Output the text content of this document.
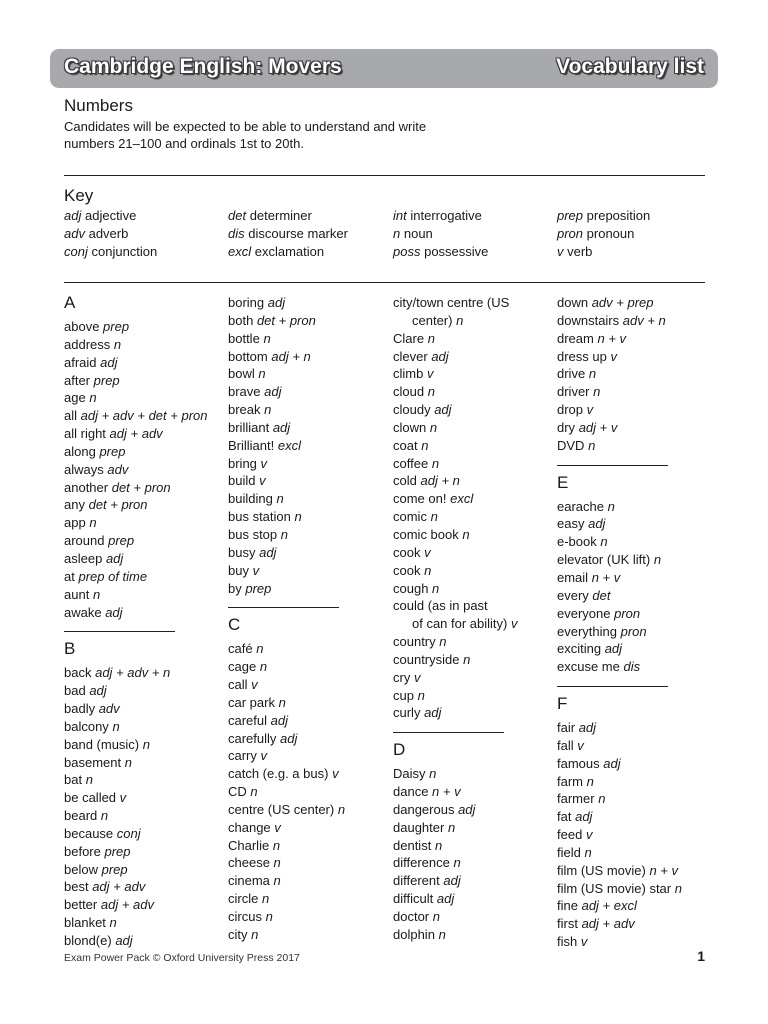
Cambridge English: Movers	Vocabulary list
Numbers
Candidates will be expected to be able to understand and write
numbers 21–100 and ordinals 1st to 20th.
Key
adj adjective
adv adverb
conj conjunction
det determiner
dis discourse marker
excl exclamation
int interrogative
n noun
poss possessive
prep preposition
pron pronoun
v verb
A
above prep
address n
afraid adj
after prep
age n
all adj + adv + det + pron
all right adj + adv
along prep
always adv
another det + pron
any det + pron
app n
around prep
asleep adj
at prep of time
aunt n
awake adj
B
back adj + adv + n
bad adj
badly adv
balcony n
band (music) n
basement n
bat n
be called v
beard n
because conj
before prep
below prep
best adj + adv
better adj + adv
blanket n
blond(e) adj
boring adj
both det + pron
bottle n
bottom adj + n
bowl n
brave adj
break n
brilliant adj
Brilliant! excl
bring v
build v
building n
bus station n
bus stop n
busy adj
buy v
by prep
C
café n
cage n
call v
car park n
careful adj
carefully adj
carry v
catch (e.g. a bus) v
CD n
centre (US center) n
change v
Charlie n
cheese n
cinema n
circle n
circus n
city n
city/town centre (US
center) n
Clare n
clever adj
climb v
cloud n
cloudy adj
clown n
coat n
coffee n
cold adj + n
come on! excl
comic n
comic book n
cook v
cook n
cough n
could (as in past
of can for ability) v
country n
countryside n
cry v
cup n
curly adj
D
Daisy n
dance n + v
dangerous adj
daughter n
dentist n
difference n
different adj
difficult adj
doctor n
dolphin n
down adv + prep
downstairs adv + n
dream n + v
dress up v
drive n
driver n
drop v
dry adj + v
DVD n
E
earache n
easy adj
e-book n
elevator (UK lift) n
email n + v
every det
everyone pron
everything pron
exciting adj
excuse me dis
F
fair adj
fall v
famous adj
farm n
farmer n
fat adj
feed v
field n
film (US movie) n + v
film (US movie) star n
fine adj + excl
first adj + adv
fish v
Exam Power Pack © Oxford University Press 2017	1
